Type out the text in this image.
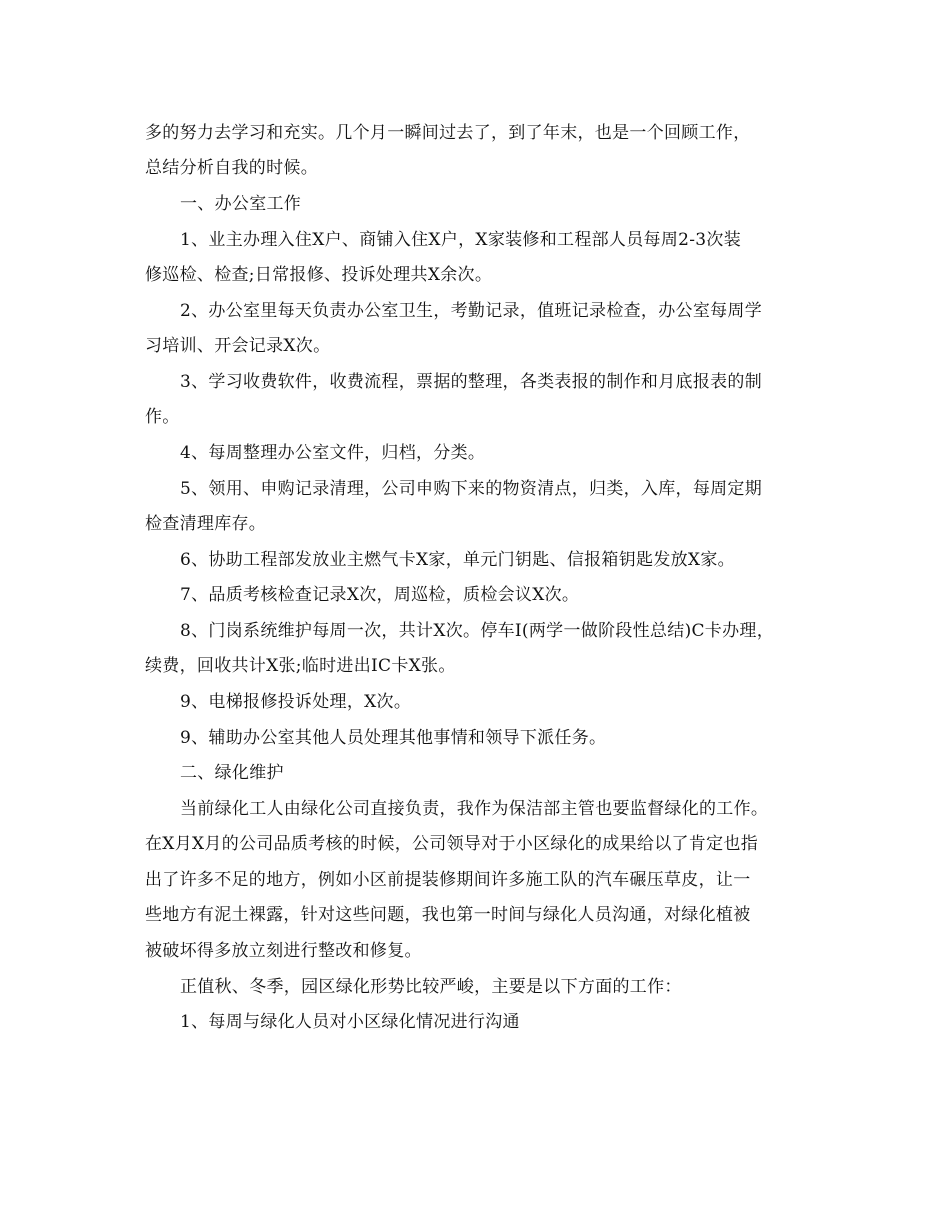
多的努力去学习和充实。几个月一瞬间过去了，到了年末，也是一个回顾工作，
总结分析自我的时候。
一、办公室工作
1、业主办理入住X户、商铺入住X户，X家装修和工程部人员每周2-3次装
修巡检、检查;日常报修、投诉处理共X余次。
2、办公室里每天负责办公室卫生，考勤记录，值班记录检查，办公室每周学
习培训、开会记录X次。
3、学习收费软件，收费流程，票据的整理，各类表报的制作和月底报表的制
作。
4、每周整理办公室文件，归档，分类。
5、领用、申购记录清理，公司申购下来的物资清点，归类，入库，每周定期
检查清理库存。
6、协助工程部发放业主燃气卡X家，单元门钥匙、信报箱钥匙发放X家。
7、品质考核检查记录X次，周巡检，质检会议X次。
8、门岗系统维护每周一次，共计X次。停车I(两学一做阶段性总结)C卡办理，
续费，回收共计X张;临时进出IC卡X张。
9、电梯报修投诉处理，X次。
9、辅助办公室其他人员处理其他事情和领导下派任务。
二、绿化维护
当前绿化工人由绿化公司直接负责，我作为保洁部主管也要监督绿化的工作。
在X月X月的公司品质考核的时候，公司领导对于小区绿化的成果给以了肯定也指
出了许多不足的地方，例如小区前提装修期间许多施工队的汽车碾压草皮，让一
些地方有泥土裸露，针对这些问题，我也第一时间与绿化人员沟通，对绿化植被
被破坏得多放立刻进行整改和修复。
正值秋、冬季，园区绿化形势比较严峻，主要是以下方面的工作：
1、每周与绿化人员对小区绿化情况进行沟通
